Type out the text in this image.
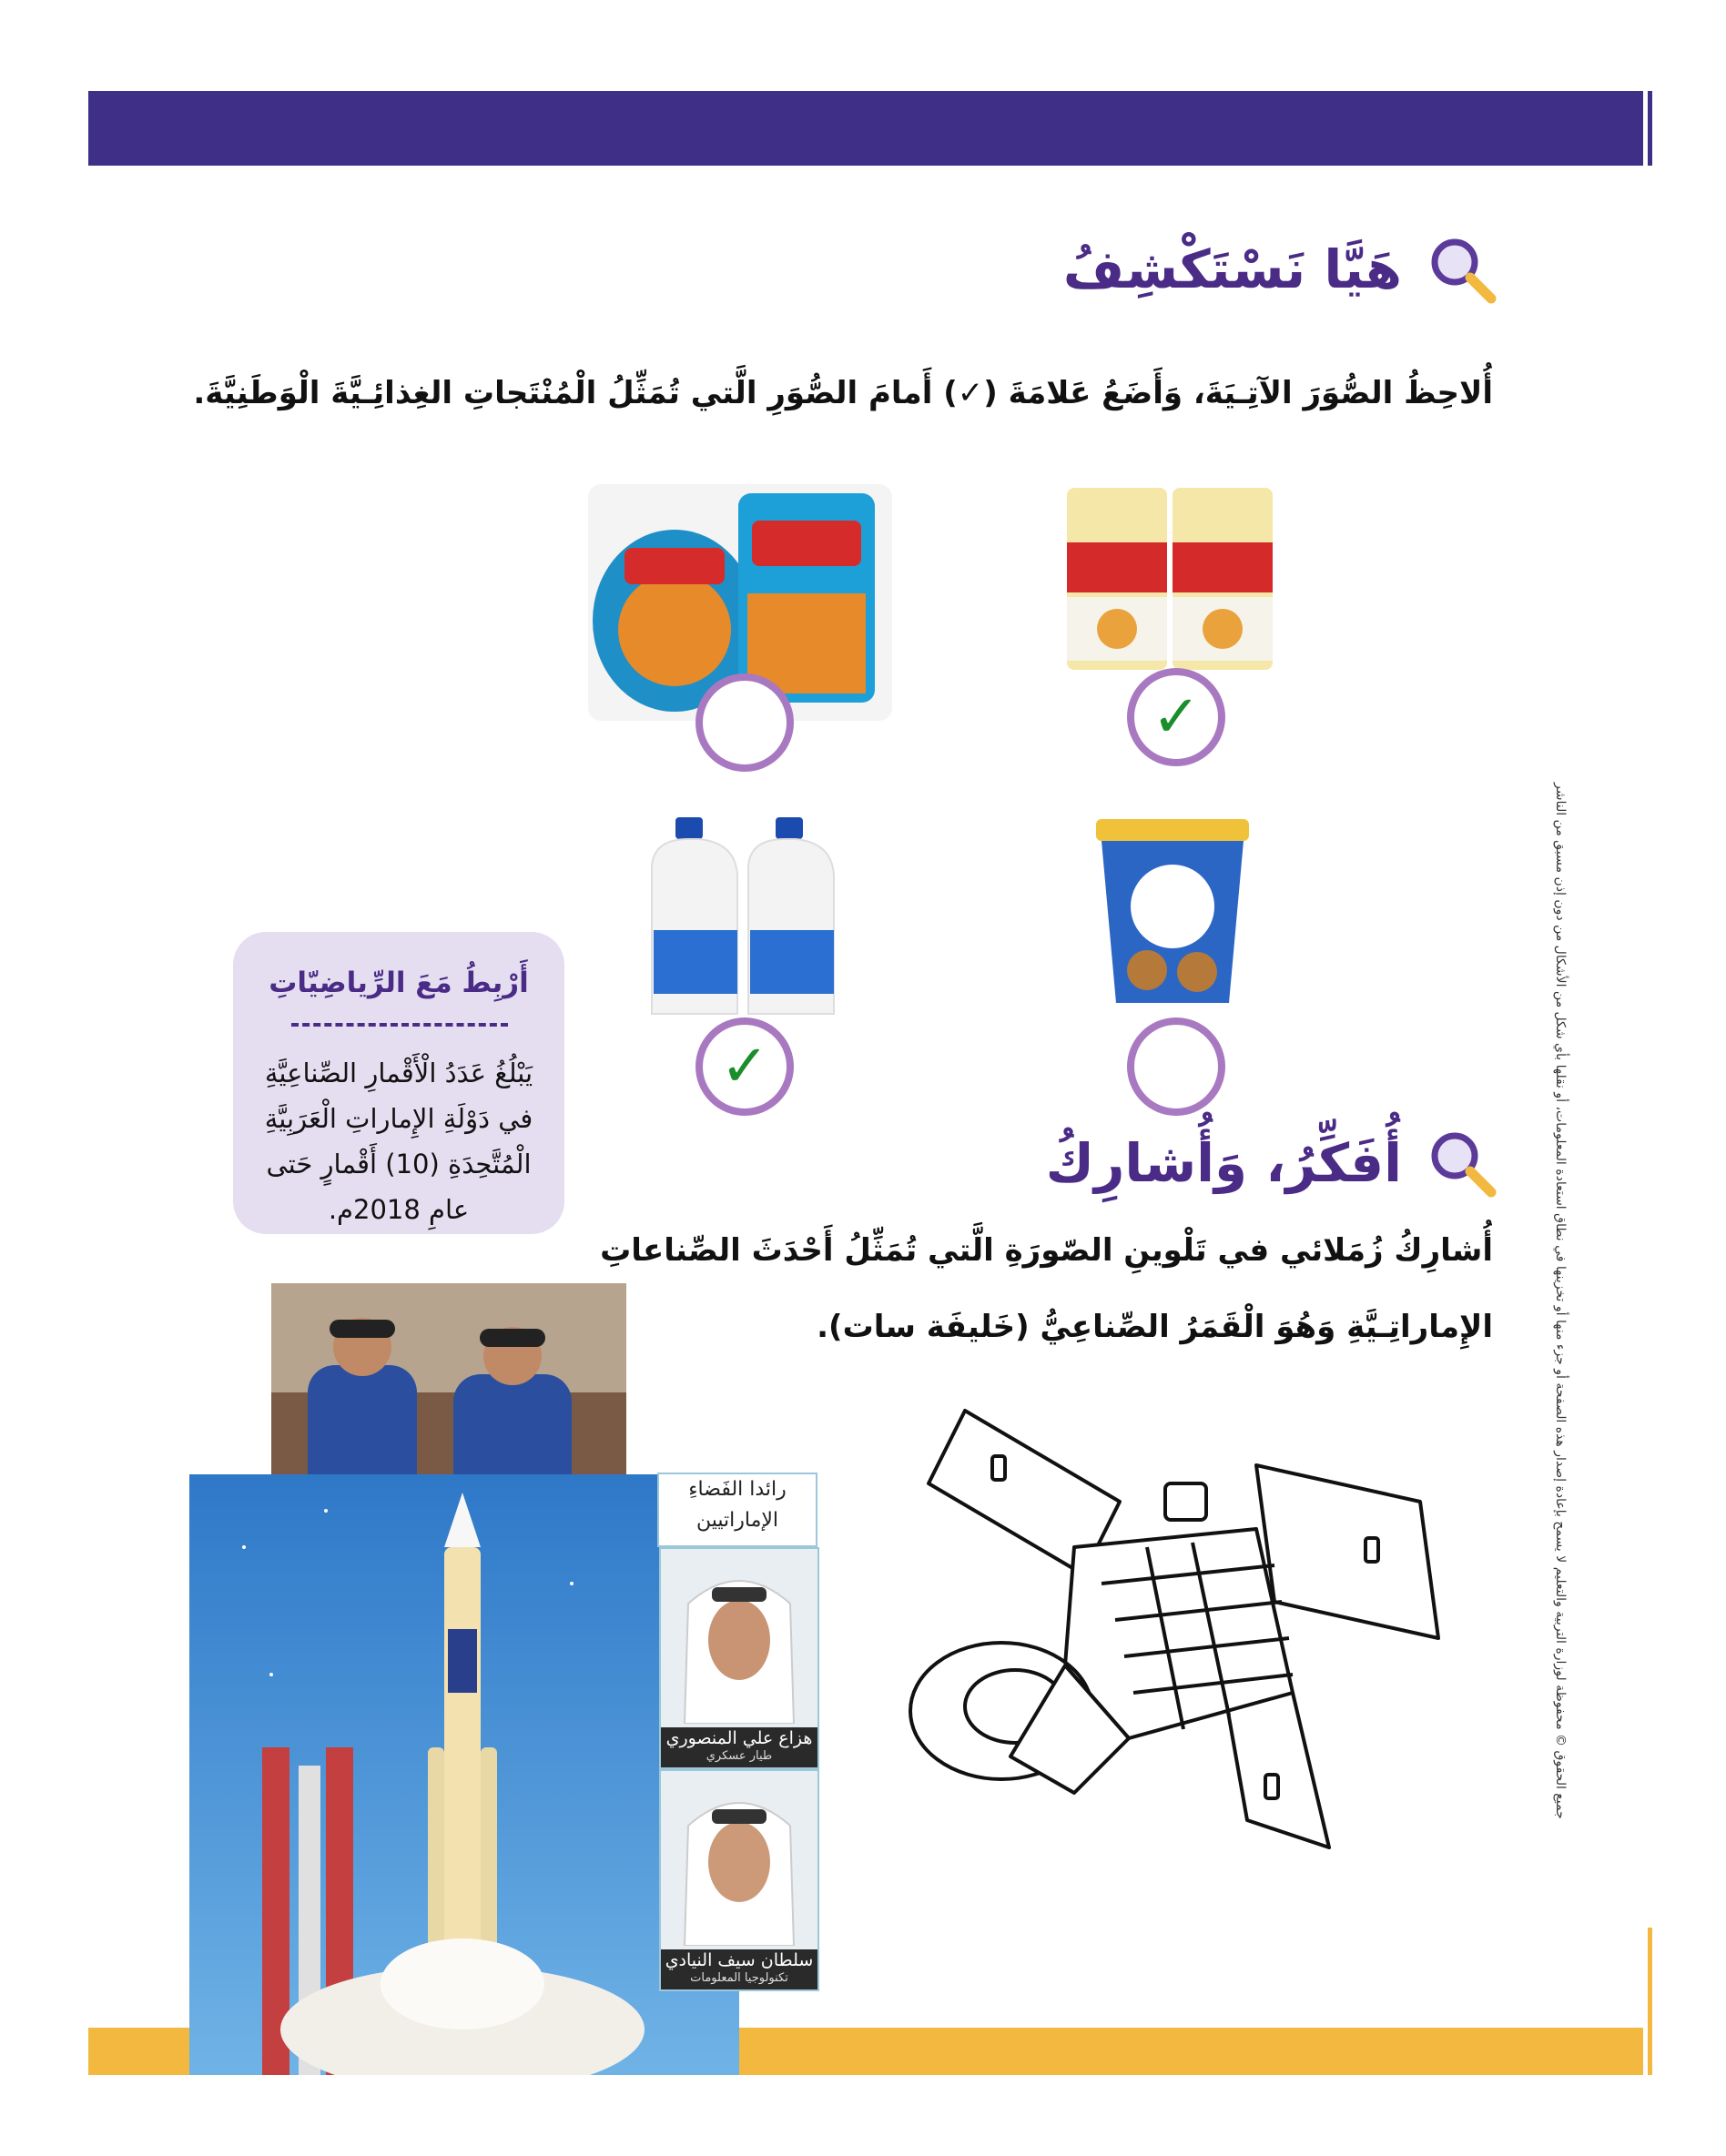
هَيَّا نَسْتَكْشِفُ
أُلاحِظُ الصُّوَرَ الآتِـيَةَ، وَأَضَعُ عَلامَةَ (✓) أَمامَ الصُّوَرِ الَّتي تُمَثِّلُ الْمُنْتَجاتِ الغِذائِـيَّةَ الْوَطَنِيَّةَ.
✓
✓
أَرْبِطُ مَعَ الرِّياضِيّاتِ
يَبْلُغُ عَدَدُ الْأَقْمارِ الصِّناعِيَّةِ في دَوْلَةِ الإِماراتِ الْعَرَبِيَّةِ الْمُتَّحِدَةِ (10) أَقْمارٍ حَتى عامِ 2018م.
أُفَكِّرُ، وَأُشارِكُ
أُشارِكُ زُمَلائي في تَلْوينِ الصّورَةِ الَّتي تُمَثِّلُ أَحْدَثَ الصِّناعاتِ
الإِماراتِـيَّةِ وَهُوَ الْقَمَرُ الصِّناعِيُّ (خَليفَة سات).
رائدا الفَضاءِ الإماراتيين
هزاع علي المنصوري
طيار عسكري
سلطان سيف النيادي
تكنولوجيا المعلومات
جميع الحقوق © محفوظة لوزارة التربية والتعليم لا يسمح بإعادة إصدار هذه الصفحة أو جزء منها أو تخزينها في نطاق استعادة المعلومات، أو نقلها بأي شكل من الأشكال من دون إذن مسبق من الناشر
